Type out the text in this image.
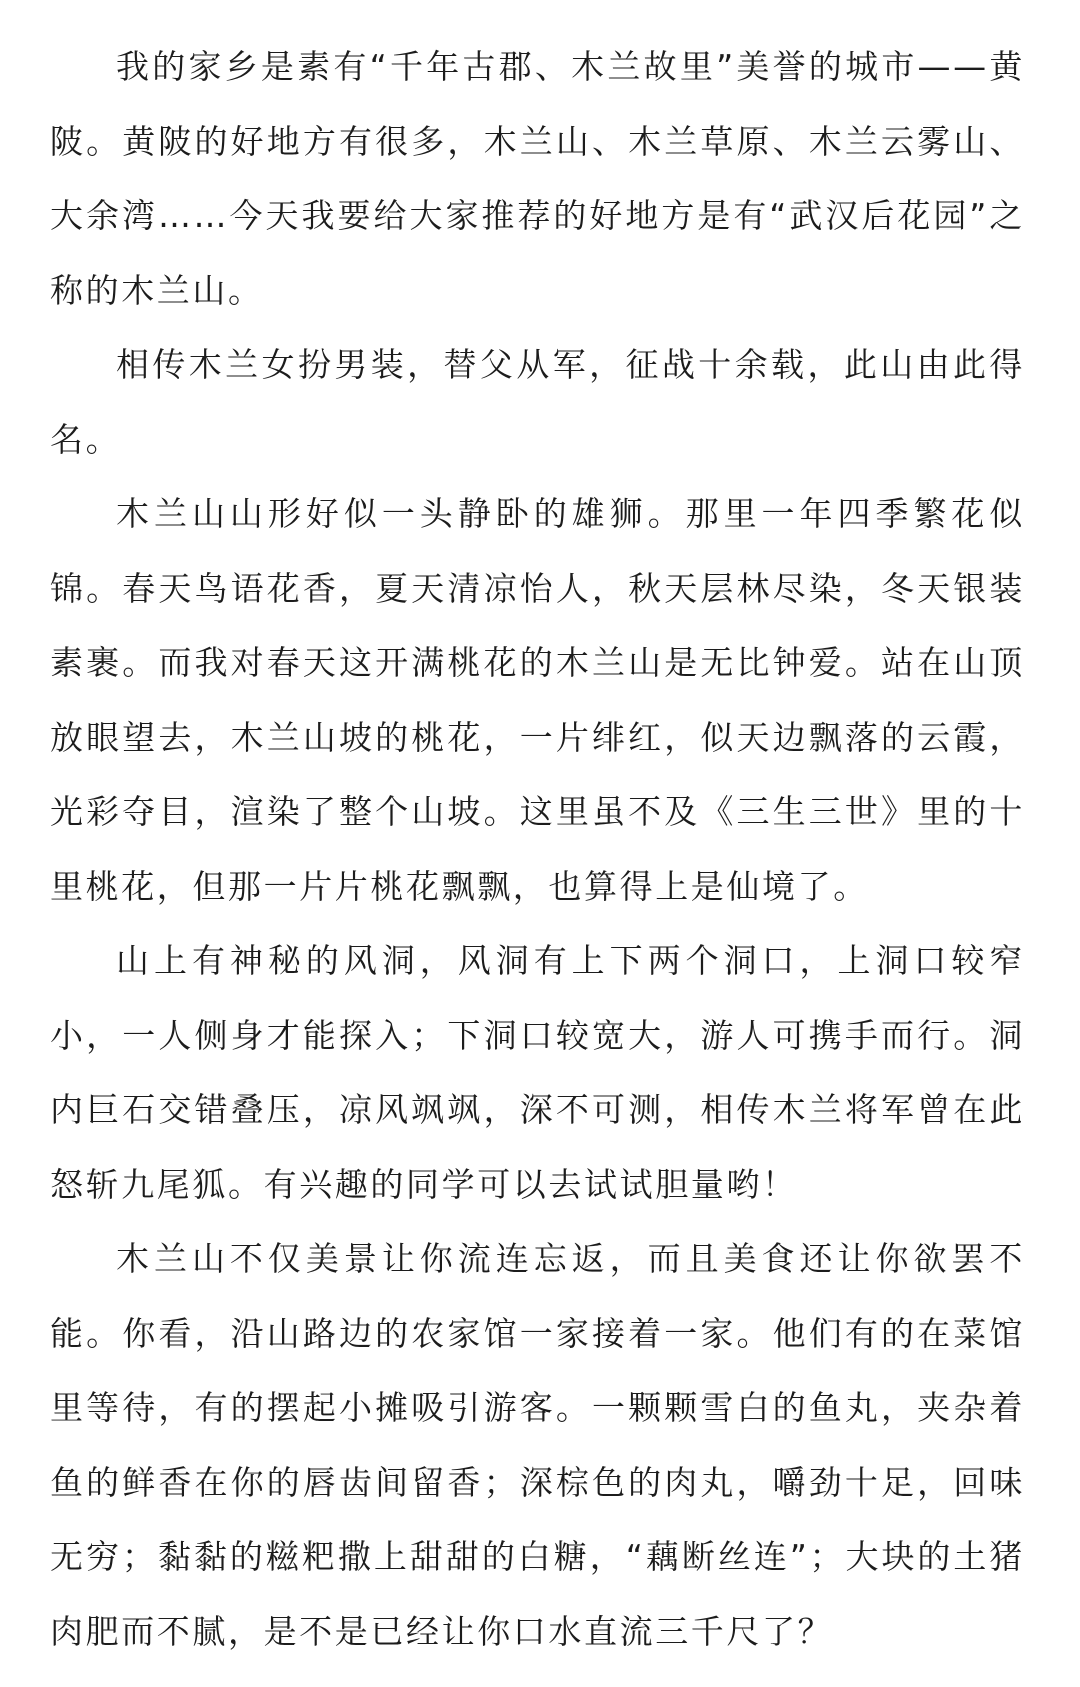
我的家乡是素有“千年古郡、木兰故里”美誉的城市——黄陂。黄陂的好地方有很多，木兰山、木兰草原、木兰云雾山、大余湾……今天我要给大家推荐的好地方是有“武汉后花园”之称的木兰山。

相传木兰女扮男装，替父从军，征战十余载，此山由此得名。

木兰山山形好似一头静卧的雄狮。那里一年四季繁花似锦。春天鸟语花香，夏天清凉怡人，秋天层林尽染，冬天银装素裹。而我对春天这开满桃花的木兰山是无比钟爱。站在山顶放眼望去，木兰山坡的桃花，一片绯红，似天边飘落的云霞，光彩夺目，渲染了整个山坡。这里虽不及《三生三世》里的十里桃花，但那一片片桃花飘飘，也算得上是仙境了。

山上有神秘的风洞，风洞有上下两个洞口，上洞口较窄小，一人侧身才能探入；下洞口较宽大，游人可携手而行。洞内巨石交错叠压，凉风飒飒，深不可测，相传木兰将军曾在此怒斩九尾狐。有兴趣的同学可以去试试胆量哟！

木兰山不仅美景让你流连忘返，而且美食还让你欲罢不能。你看，沿山路边的农家馆一家接着一家。他们有的在菜馆里等待，有的摆起小摊吸引游客。一颗颗雪白的鱼丸，夹杂着鱼的鲜香在你的唇齿间留香；深棕色的肉丸，嚼劲十足，回味无穷；黏黏的糍粑撒上甜甜的白糖，“藕断丝连”；大块的土猪肉肥而不腻，是不是已经让你口水直流三千尺了？
